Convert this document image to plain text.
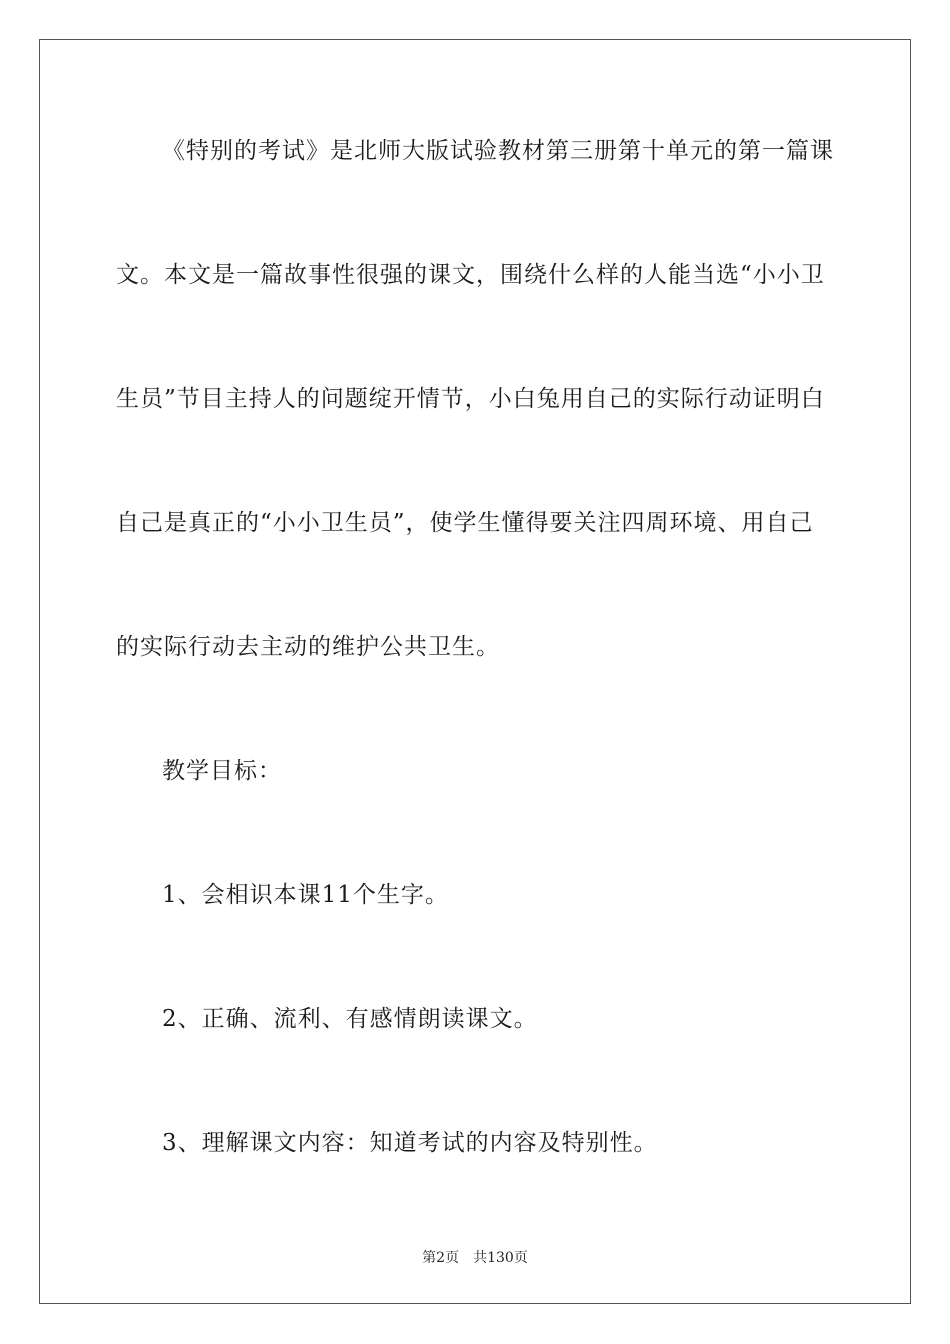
《特别的考试》是北师大版试验教材第三册第十单元的第一篇课
文。本文是一篇故事性很强的课文，围绕什么样的人能当选“小小卫
生员”节目主持人的问题绽开情节，小白兔用自己的实际行动证明白
自己是真正的“小小卫生员”，使学生懂得要关注四周环境、用自己
的实际行动去主动的维护公共卫生。
教学目标：
1、会相识本课11个生字。
2、正确、流利、有感情朗读课文。
3、理解课文内容：知道考试的内容及特别性。
第2页 共130页
